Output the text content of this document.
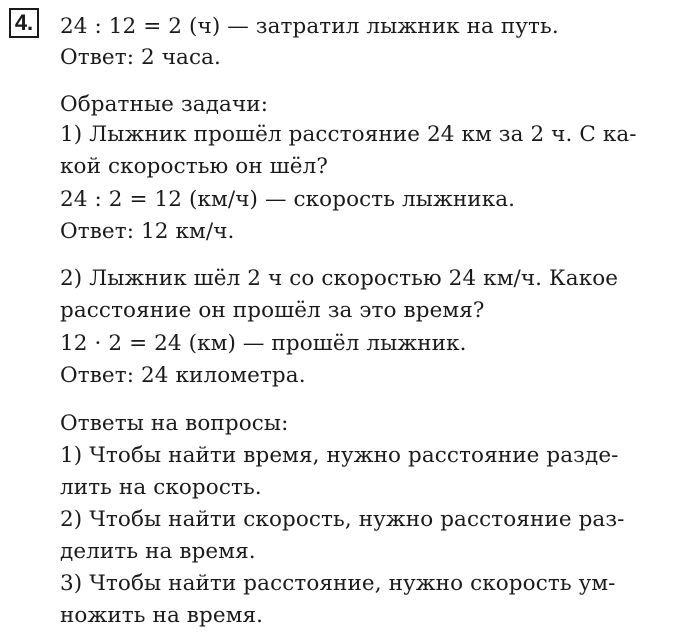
4. 24 : 12 = 2 (ч) — затратил лыжник на путь.
Ответ: 2 часа.
Обратные задачи:
1) Лыжник прошёл расстояние 24 км за 2 ч. С ка-
кой скоростью он шёл?
24 : 2 = 12 (км/ч) — скорость лыжника.
Ответ: 12 км/ч.
2) Лыжник шёл 2 ч со скоростью 24 км/ч. Какое
расстояние он прошёл за это время?
12 · 2 = 24 (км) — прошёл лыжник.
Ответ: 24 километра.
Ответы на вопросы:
1) Чтобы найти время, нужно расстояние разде-
лить на скорость.
2) Чтобы найти скорость, нужно расстояние раз-
делить на время.
3) Чтобы найти расстояние, нужно скорость ум-
ножить на время.
